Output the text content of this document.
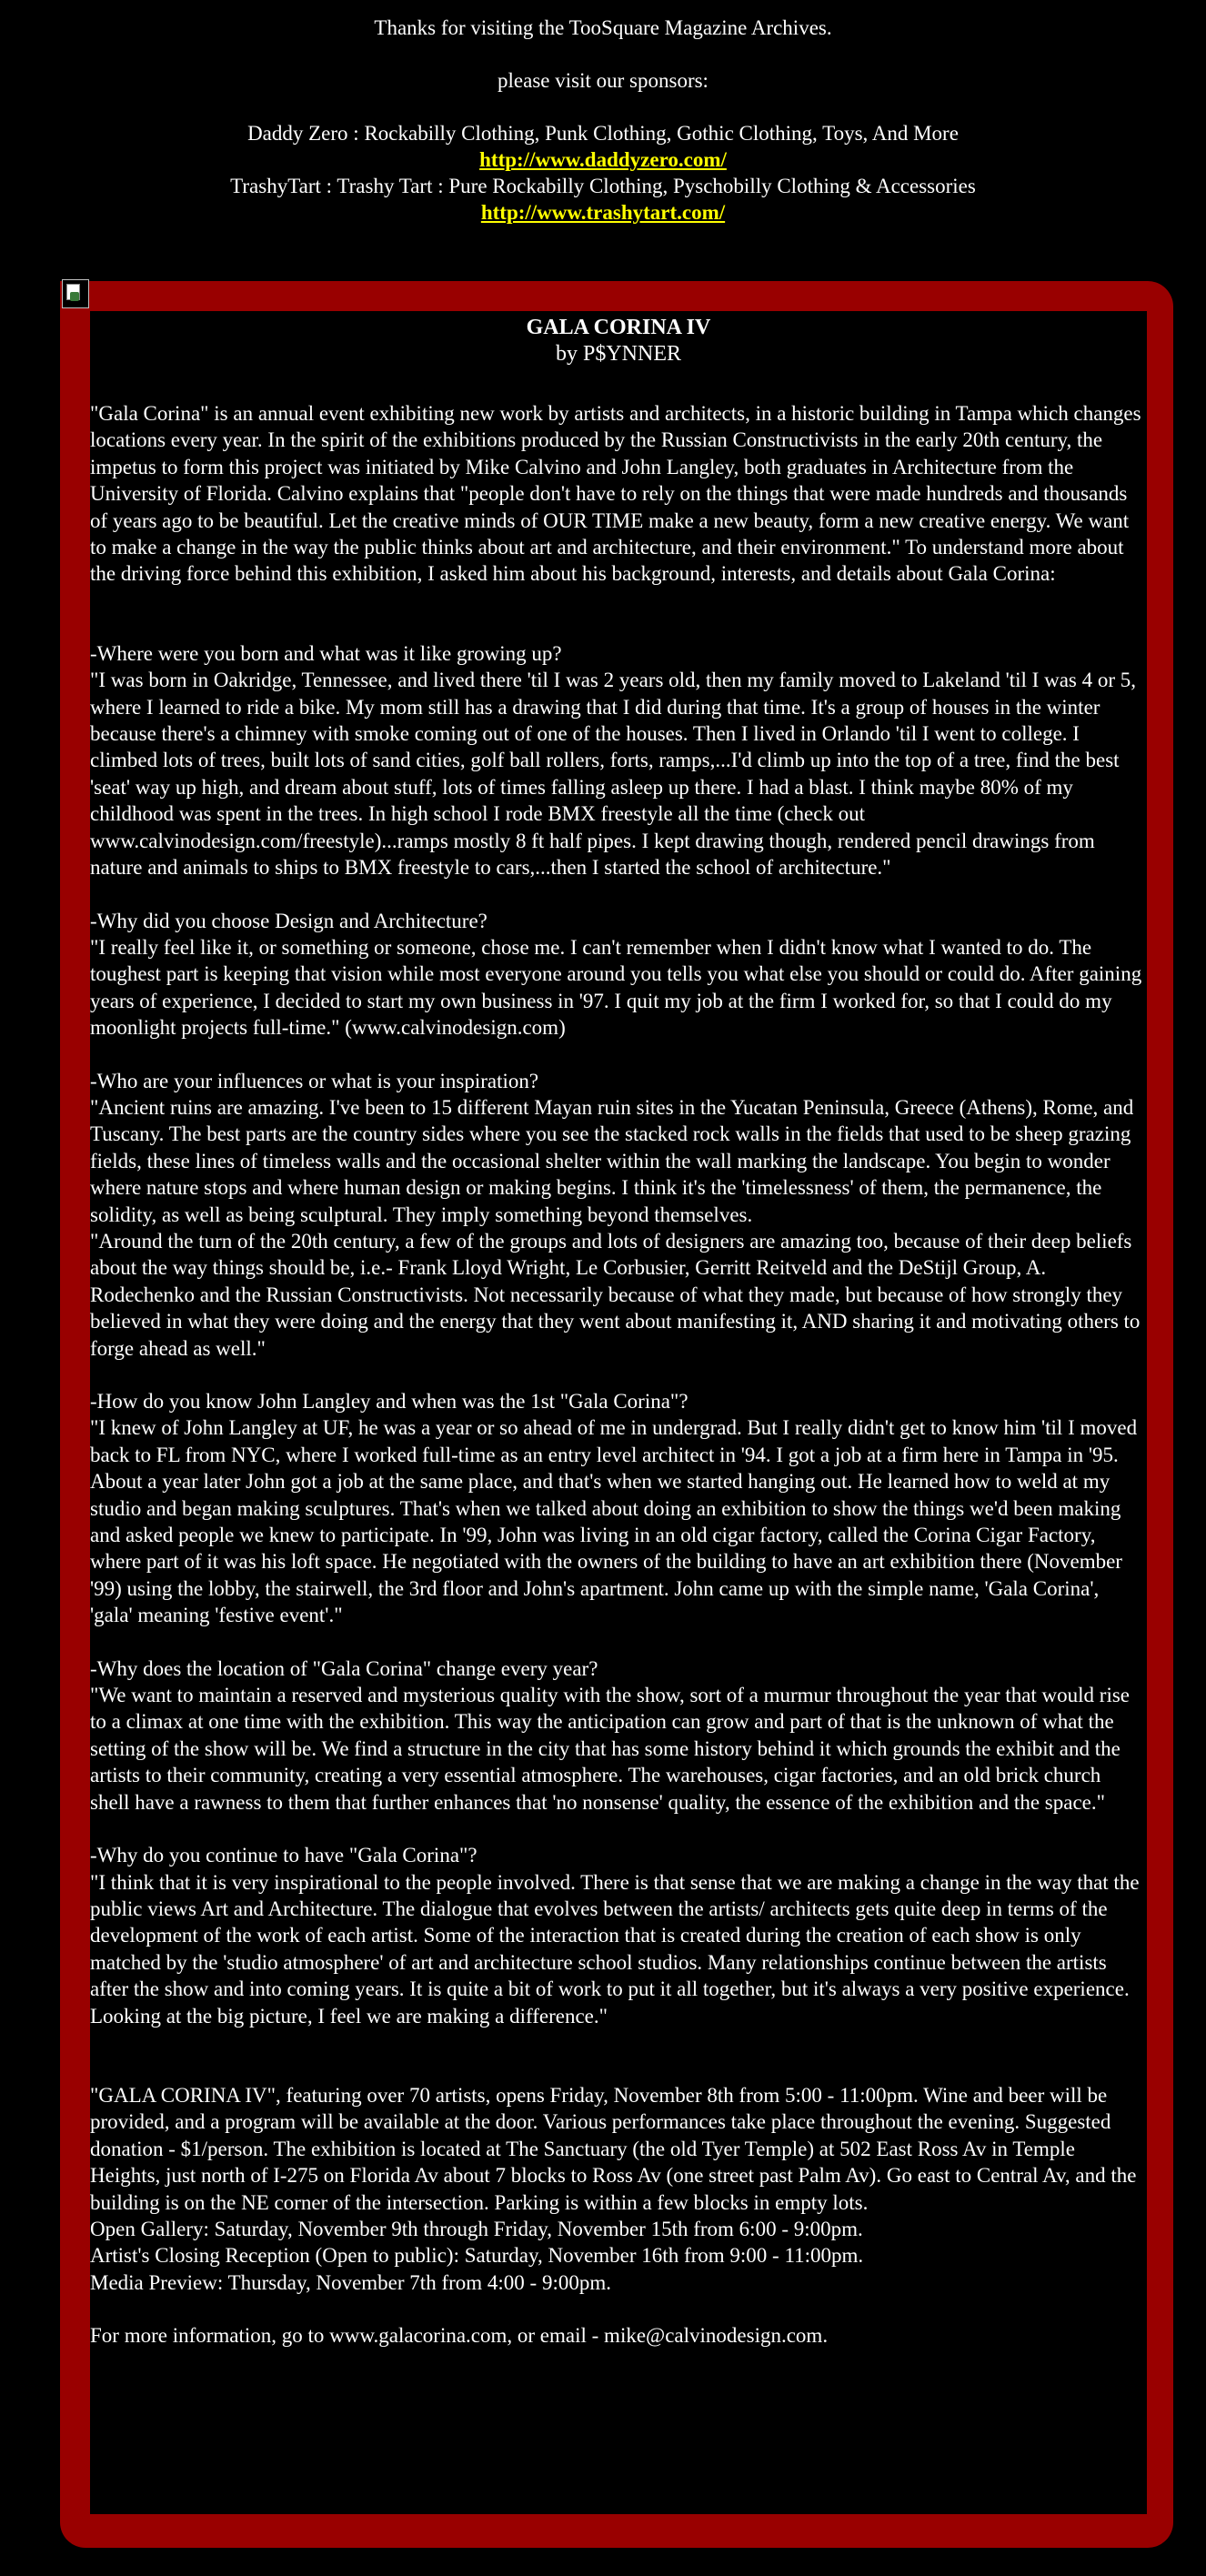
Thanks for visiting the TooSquare Magazine Archives.

please visit our sponsors:

Daddy Zero : Rockabilly Clothing, Punk Clothing, Gothic Clothing, Toys, And More

http://www.daddyzero.com/

TrashyTart : Trashy Tart : Pure Rockabilly Clothing, Pyschobilly Clothing & Accessories

http://www.trashytart.com/

GALA CORINA IV
by P$YNNER

"Gala Corina" is an annual event exhibiting new work by artists and architects, in a historic building in Tampa which changes locations every year. In the spirit of the exhibitions produced by the Russian Constructivists in the early 20th century, the impetus to form this project was initiated by Mike Calvino and John Langley, both graduates in Architecture from the University of Florida. Calvino explains that "people don't have to rely on the things that were made hundreds and thousands of years ago to be beautiful. Let the creative minds of OUR TIME make a new beauty, form a new creative energy. We want to make a change in the way the public thinks about art and architecture, and their environment." To understand more about the driving force behind this exhibition, I asked him about his background, interests, and details about Gala Corina:

-Where were you born and what was it like growing up?
"I was born in Oakridge, Tennessee, and lived there 'til I was 2 years old, then my family moved to Lakeland 'til I was 4 or 5, where I learned to ride a bike. My mom still has a drawing that I did during that time. It's a group of houses in the winter because there's a chimney with smoke coming out of one of the houses. Then I lived in Orlando 'til I went to college. I climbed lots of trees, built lots of sand cities, golf ball rollers, forts, ramps,...I'd climb up into the top of a tree, find the best 'seat' way up high, and dream about stuff, lots of times falling asleep up there. I had a blast. I think maybe 80% of my childhood was spent in the trees. In high school I rode BMX freestyle all the time (check out www.calvinodesign.com/freestyle)...ramps mostly 8 ft half pipes. I kept drawing though, rendered pencil drawings from nature and animals to ships to BMX freestyle to cars,...then I started the school of architecture."

-Why did you choose Design and Architecture?
"I really feel like it, or something or someone, chose me. I can't remember when I didn't know what I wanted to do. The toughest part is keeping that vision while most everyone around you tells you what else you should or could do. After gaining years of experience, I decided to start my own business in '97. I quit my job at the firm I worked for, so that I could do my moonlight projects full-time." (www.calvinodesign.com)

-Who are your influences or what is your inspiration?
"Ancient ruins are amazing. I've been to 15 different Mayan ruin sites in the Yucatan Peninsula, Greece (Athens), Rome, and Tuscany. The best parts are the country sides where you see the stacked rock walls in the fields that used to be sheep grazing fields, these lines of timeless walls and the occasional shelter within the wall marking the landscape. You begin to wonder where nature stops and where human design or making begins. I think it's the 'timelessness' of them, the permanence, the solidity, as well as being sculptural. They imply something beyond themselves.
"Around the turn of the 20th century, a few of the groups and lots of designers are amazing too, because of their deep beliefs about the way things should be, i.e.- Frank Lloyd Wright, Le Corbusier, Gerritt Reitveld and the DeStijl Group, A. Rodechenko and the Russian Constructivists. Not necessarily because of what they made, but because of how strongly they believed in what they were doing and the energy that they went about manifesting it, AND sharing it and motivating others to forge ahead as well."

-How do you know John Langley and when was the 1st "Gala Corina"?
"I knew of John Langley at UF, he was a year or so ahead of me in undergrad. But I really didn't get to know him 'til I moved back to FL from NYC, where I worked full-time as an entry level architect in '94. I got a job at a firm here in Tampa in '95. About a year later John got a job at the same place, and that's when we started hanging out. He learned how to weld at my studio and began making sculptures. That's when we talked about doing an exhibition to show the things we'd been making and asked people we knew to participate. In '99, John was living in an old cigar factory, called the Corina Cigar Factory, where part of it was his loft space. He negotiated with the owners of the building to have an art exhibition there (November '99) using the lobby, the stairwell, the 3rd floor and John's apartment. John came up with the simple name, 'Gala Corina', 'gala' meaning 'festive event'."

-Why does the location of "Gala Corina" change every year?
"We want to maintain a reserved and mysterious quality with the show, sort of a murmur throughout the year that would rise to a climax at one time with the exhibition. This way the anticipation can grow and part of that is the unknown of what the setting of the show will be. We find a structure in the city that has some history behind it which grounds the exhibit and the artists to their community, creating a very essential atmosphere. The warehouses, cigar factories, and an old brick church shell have a rawness to them that further enhances that 'no nonsense' quality, the essence of the exhibition and the space."

-Why do you continue to have "Gala Corina"?
"I think that it is very inspirational to the people involved. There is that sense that we are making a change in the way that the public views Art and Architecture. The dialogue that evolves between the artists/ architects gets quite deep in terms of the development of the work of each artist. Some of the interaction that is created during the creation of each show is only matched by the 'studio atmosphere' of art and architecture school studios. Many relationships continue between the artists after the show and into coming years. It is quite a bit of work to put it all together, but it's always a very positive experience. Looking at the big picture, I feel we are making a difference."

"GALA CORINA IV", featuring over 70 artists, opens Friday, November 8th from 5:00 - 11:00pm. Wine and beer will be provided, and a program will be available at the door. Various performances take place throughout the evening. Suggested donation - $1/person. The exhibition is located at The Sanctuary (the old Tyer Temple) at 502 East Ross Av in Temple Heights, just north of I-275 on Florida Av about 7 blocks to Ross Av (one street past Palm Av). Go east to Central Av, and the building is on the NE corner of the intersection. Parking is within a few blocks in empty lots.

Open Gallery: Saturday, November 9th through Friday, November 15th from 6:00 - 9:00pm.
Artist's Closing Reception (Open to public): Saturday, November 16th from 9:00 - 11:00pm.
Media Preview: Thursday, November 7th from 4:00 - 9:00pm.

For more information, go to www.galacorina.com, or email - mike@calvinodesign.com.
